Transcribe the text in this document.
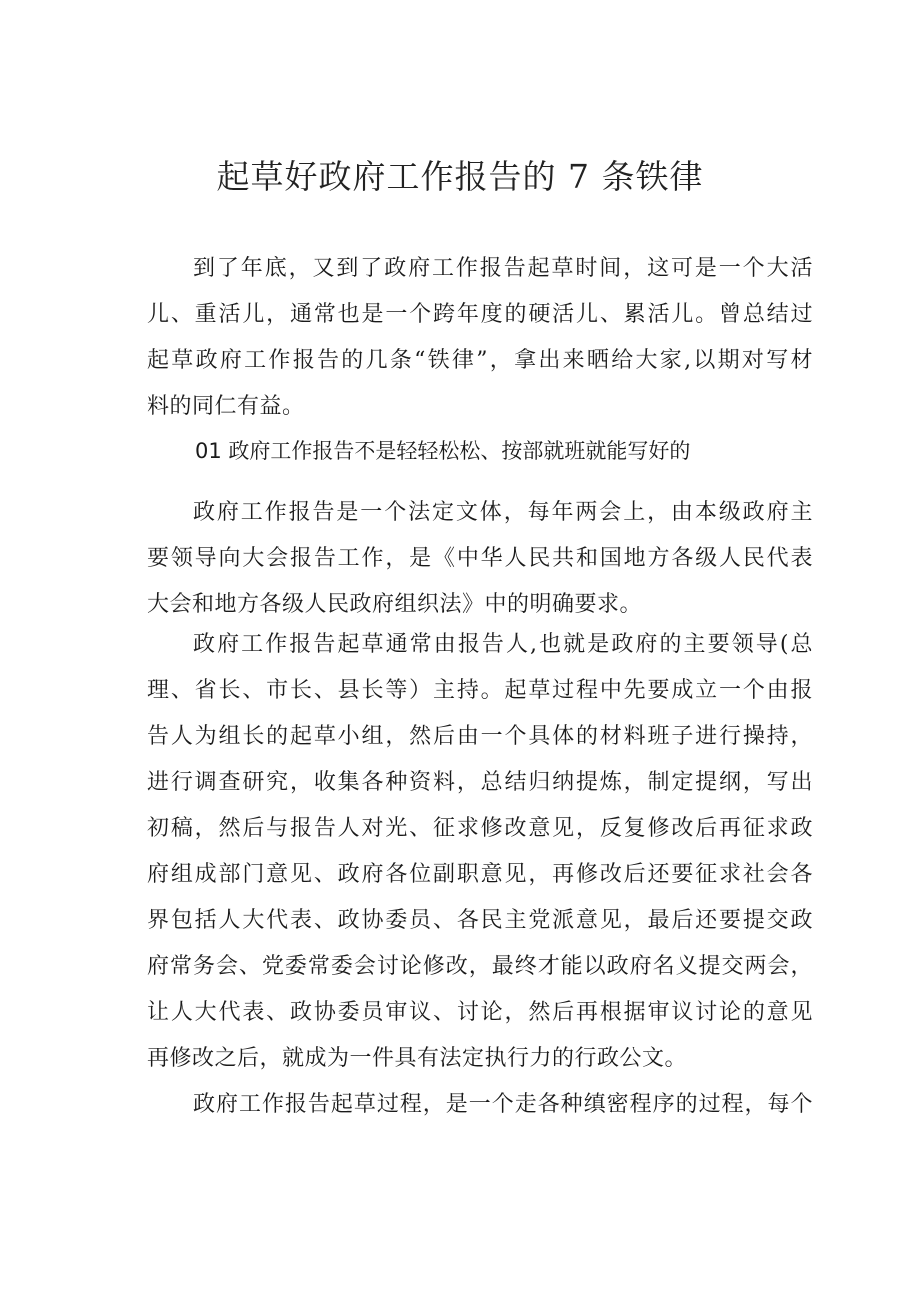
起草好政府工作报告的 7 条铁律
到了年底，又到了政府工作报告起草时间，这可是一个大活
儿、重活儿，通常也是一个跨年度的硬活儿、累活儿。曾总结过
起草政府工作报告的几条“铁律”，拿出来晒给大家,以期对写材
料的同仁有益。
01 政府工作报告不是轻轻松松、按部就班就能写好的
政府工作报告是一个法定文体，每年两会上，由本级政府主
要领导向大会报告工作，是《中华人民共和国地方各级人民代表
大会和地方各级人民政府组织法》中的明确要求。
政府工作报告起草通常由报告人,也就是政府的主要领导(总
理、省长、市长、县长等）主持。起草过程中先要成立一个由报
告人为组长的起草小组，然后由一个具体的材料班子进行操持，
进行调查研究，收集各种资料，总结归纳提炼，制定提纲，写出
初稿，然后与报告人对光、征求修改意见，反复修改后再征求政
府组成部门意见、政府各位副职意见，再修改后还要征求社会各
界包括人大代表、政协委员、各民主党派意见，最后还要提交政
府常务会、党委常委会讨论修改，最终才能以政府名义提交两会，
让人大代表、政协委员审议、讨论，然后再根据审议讨论的意见
再修改之后，就成为一件具有法定执行力的行政公文。
政府工作报告起草过程，是一个走各种缜密程序的过程，每个
